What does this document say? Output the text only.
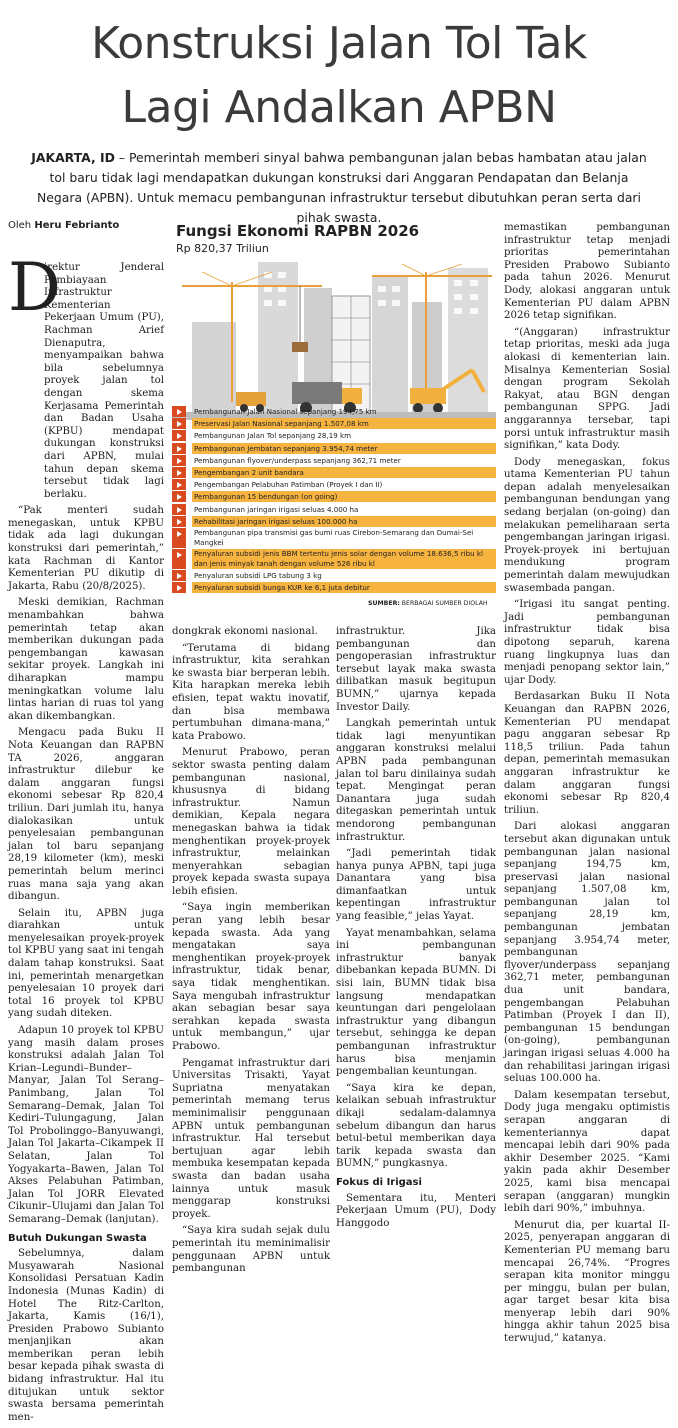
Konstruksi Jalan Tol Tak
Lagi Andalkan APBN
JAKARTA, ID – Pemerintah memberi sinyal bahwa pembangunan jalan bebas hambatan atau jalan tol baru tidak lagi mendapatkan dukungan konstruksi dari Anggaran Pendapatan dan Belanja Negara (APBN). Untuk memacu pembangunan infrastruktur tersebut dibutuhkan peran serta dari pihak swasta.
Oleh Heru Febrianto	Fungsi Ekonomi RAPBN 2026
Rp 820,37 Triliun
Pembangunan Jalan Nasional sepanjang 194,75 km
Preservasi Jalan Nasional sepanjang 1.507,08 km
Pembangunan Jalan Tol sepanjang 28,19 km
Pembangunan Jembatan sepanjang 3.954,74 meter
Pembangunan flyover/underpass sepanjang 362,71 meter
Pengembangan 2 unit bandara
Pengembangan Pelabuhan Patimban (Proyek I dan II)
Pembangunan 15 bendungan (on going)
Pembangunan jaringan irigasi seluas 4.000 ha
Rehabilitasi jaringan irigasi seluas 100.000 ha
Pembangunan pipa transmisi gas bumi ruas Cirebon-Semarang dan Dumai-Sei Mangkei
Penyaluran subsidi jenis BBM tertentu jenis solar dengan volume 18.636,5 ribu kl dan jenis minyak tanah dengan volume 526 ribu kl
Penyaluran subsidi LPG tabung 3 kg
Penyaluran subsidi bunga KUR ke 6,1 juta debitur
SUMBER: BERBAGAI SUMBER DIOLAH
D

irektur Jenderal Pembiayaan Infrastruktur Kementerian Pekerjaan Umum (PU), Rachman Arief Dienaputra, menyampaikan bahwa bila sebelumnya proyek jalan tol dengan skema Kerjasama Pemerintah dan Badan Usaha (KPBU) mendapat dukungan konstruksi dari APBN, mulai tahun depan skema tersebut tidak lagi berlaku.

“Pak menteri sudah menegaskan, untuk KPBU tidak ada lagi dukungan konstruksi dari pemerintah,” kata Rachman di Kantor Kementerian PU dikutip di Jakarta, Rabu (20/8/2025).

Meski demikian, Rachman menambahkan bahwa pemerintah tetap akan memberikan dukungan pada pengembangan kawasan sekitar proyek. Langkah ini diharapkan mampu meningkatkan volume lalu lintas harian di ruas tol yang akan dikembangkan.

Mengacu pada Buku II Nota Keuangan dan RAPBN TA 2026, anggaran infrastruktur dilebur ke dalam anggaran fungsi ekonomi sebesar Rp 820,4 triliun. Dari jumlah itu, hanya dialokasikan untuk penyelesaian pembangunan jalan tol baru sepanjang 28,19 kilometer (km), meski pemerintah belum merinci ruas mana saja yang akan dibangun.

Selain itu, APBN juga diarahkan untuk menyelesaikan proyek-proyek tol KPBU yang saat ini tengah dalam tahap konstruksi. Saat ini, pemerintah menargetkan penyelesaian 10 proyek dari total 16 proyek tol KPBU yang sudah diteken.

Adapun 10 proyek tol KPBU yang masih dalam proses konstruksi adalah Jalan Tol Krian–Legundi–Bunder–Manyar, Jalan Tol Serang–Panimbang, Jalan Tol Semarang–Demak, Jalan Tol Kediri–Tulungagung, Jalan Tol Probolinggo–Banyuwangi, Jalan Tol Jakarta–Cikampek II Selatan, Jalan Tol Yogyakarta–Bawen, Jalan Tol Akses Pelabuhan Patimban, Jalan Tol JORR Elevated Cikunir–Ulujami dan Jalan Tol Semarang–Demak (lanjutan).

Butuh Dukungan Swasta

Sebelumnya, dalam Musyawarah Nasional Konsolidasi Persatuan Kadin Indonesia (Munas Kadin) di Hotel The Ritz-Carlton, Jakarta, Kamis (16/1), Presiden Prabowo Subianto menjanjikan akan memberikan peran lebih besar kepada pihak swasta di bidang infrastruktur. Hal itu ditujukan untuk sektor swasta bersama pemerintah men-

dongkrak ekonomi nasional.

“Terutama di bidang infrastruktur, kita serahkan ke swasta biar berperan lebih. Kita harapkan mereka lebih efisien, tepat waktu inovatif, dan bisa membawa pertumbuhan dimana-mana,” kata Prabowo.

Menurut Prabowo, peran sektor swasta penting dalam pembangunan nasional, khususnya di bidang infrastruktur. Namun demikian, Kepala negara menegaskan bahwa ia tidak menghentikan proyek-proyek infrastruktur, melainkan menyerahkan sebagian proyek kepada swasta supaya lebih efisien.

“Saya ingin memberikan peran yang lebih besar kepada swasta. Ada yang mengatakan saya menghentikan proyek-proyek infrastruktur, tidak benar, saya tidak menghentikan. Saya mengubah infrastruktur akan sebagian besar saya serahkan kepada swasta untuk membangun,” ujar Prabowo.

Pengamat infrastruktur dari Universitas Trisakti, Yayat Supriatna menyatakan pemerintah memang terus meminimalisir penggunaan APBN untuk pembangunan infrastruktur. Hal tersebut bertujuan agar lebih membuka kesempatan kepada swasta dan badan usaha lainnya untuk masuk menggarap konstruksi proyek.

“Saya kira sudah sejak dulu pemerintah itu meminimalisir penggunaan APBN untuk pembangunan

infrastruktur. Jika pembangunan dan pengoperasian infrastruktur tersebut layak maka swasta dilibatkan masuk begitupun BUMN,” ujarnya kepada Investor Daily.

Langkah pemerintah untuk tidak lagi menyuntikan anggaran konstruksi melalui APBN pada pembangunan jalan tol baru dinilainya sudah tepat. Mengingat peran Danantara juga sudah ditegaskan pemerintah untuk mendorong pembangunan infrastruktur.

“Jadi pemerintah tidak hanya punya APBN, tapi juga Danantara yang bisa dimanfaatkan untuk kepentingan infrastruktur yang feasible,” jelas Yayat.

Yayat menambahkan, selama ini pembangunan infrastruktur banyak dibebankan kepada BUMN. Di sisi lain, BUMN tidak bisa langsung mendapatkan keuntungan dari pengelolaan infrastruktur yang dibangun tersebut, sehingga ke depan pembangunan infrastruktur harus bisa menjamin pengembalian keuntungan.

“Saya kira ke depan, kelaikan sebuah infrastruktur dikaji sedalam-dalamnya sebelum dibangun dan harus betul-betul memberikan daya tarik kepada swasta dan BUMN,” pungkasnya.

Fokus di Irigasi

Sementara itu, Menteri Pekerjaan Umum (PU), Dody Hanggodo

memastikan pembangunan infrastruktur tetap menjadi prioritas pemerintahan Presiden Prabowo Subianto pada tahun 2026. Menurut Dody, alokasi anggaran untuk Kementerian PU dalam APBN 2026 tetap signifikan.

“(Anggaran) infrastruktur tetap prioritas, meski ada juga alokasi di kementerian lain. Misalnya Kementerian Sosial dengan program Sekolah Rakyat, atau BGN dengan pembangunan SPPG. Jadi anggarannya tersebar, tapi porsi untuk infrastruktur masih signifikan,” kata Dody.

Dody menegaskan, fokus utama Kementerian PU tahun depan adalah menyelesaikan pembangunan bendungan yang sedang berjalan (on-going) dan melakukan pemeliharaan serta pengembangan jaringan irigasi. Proyek-proyek ini bertujuan mendukung program pemerintah dalam mewujudkan swasembada pangan.

“Irigasi itu sangat penting. Jadi pembangunan infrastruktur tidak bisa dipotong separuh, karena ruang lingkupnya luas dan menjadi penopang sektor lain,” ujar Dody.

Berdasarkan Buku II Nota Keuangan dan RAPBN 2026, Kementerian PU mendapat pagu anggaran sebesar Rp 118,5 triliun. Pada tahun depan, pemerintah memasukan anggaran infrastruktur ke dalam anggaran fungsi ekonomi sebesar Rp 820,4 triliun.

Dari alokasi anggaran tersebut akan digunakan untuk pembangunan jalan nasional sepanjang 194,75 km, preservasi jalan nasional sepanjang 1.507,08 km, pembangunan jalan tol sepanjang 28,19 km, pembangunan jembatan sepanjang 3.954,74 meter, pembangunan flyover/underpass sepanjang 362,71 meter, pembangunan dua unit bandara, pengembangan Pelabuhan Patimban (Proyek I dan II), pembangunan 15 bendungan (on-going), pembangunan jaringan irigasi seluas 4.000 ha dan rehabilitasi jaringan irigasi seluas 100.000 ha.

Dalam kesempatan tersebut, Dody juga mengaku optimistis serapan anggaran di kementeriannya dapat mencapai lebih dari 90% pada akhir Desember 2025. “Kami yakin pada akhir Desember 2025, kami bisa mencapai serapan (anggaran) mungkin lebih dari 90%,” imbuhnya.

Menurut dia, per kuartal II-2025, penyerapan anggaran di Kementerian PU memang baru mencapai 26,74%. “Progres serapan kita monitor minggu per minggu, bulan per bulan, agar target besar kita bisa menyerap lebih dari 90% hingga akhir tahun 2025 bisa terwujud,” katanya.
